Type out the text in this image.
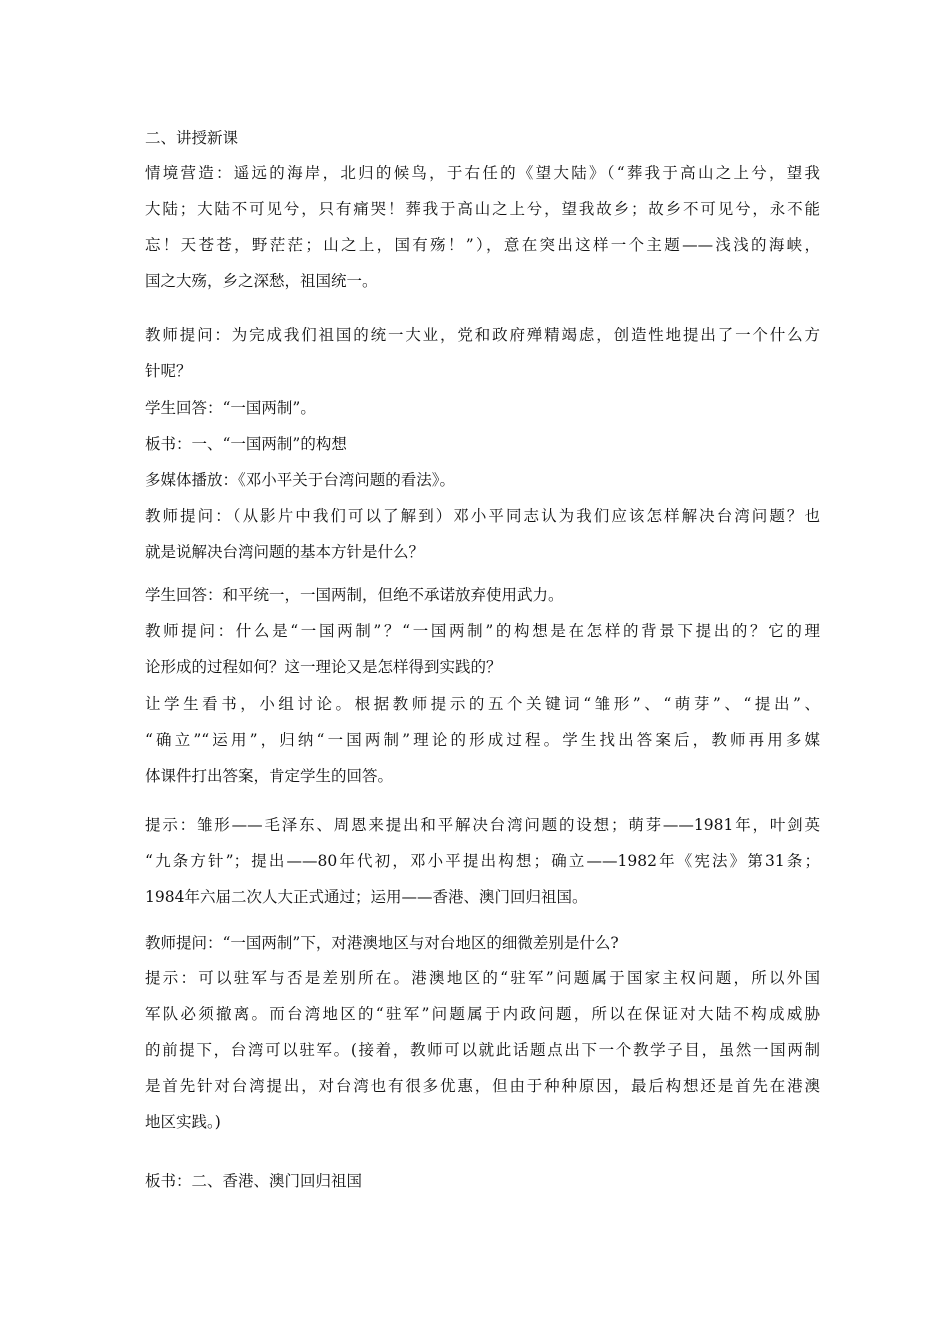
二、讲授新课
情境营造：遥远的海岸，北归的候鸟，于右任的《望大陆》（“葬我于高山之上兮，望我
大陆；大陆不可见兮，只有痛哭！葬我于高山之上兮，望我故乡；故乡不可见兮，永不能
忘！天苍苍，野茫茫；山之上，国有殇！”），意在突出这样一个主题——浅浅的海峡，
国之大殇，乡之深愁，祖国统一。
教师提问：为完成我们祖国的统一大业，党和政府殚精竭虑，创造性地提出了一个什么方
针呢？
学生回答：“一国两制”。
板书：一、“一国两制”的构想
多媒体播放：《邓小平关于台湾问题的看法》。
教师提问：（从影片中我们可以了解到）邓小平同志认为我们应该怎样解决台湾问题？也
就是说解决台湾问题的基本方针是什么？
学生回答：和平统一，一国两制，但绝不承诺放弃使用武力。
教师提问：什么是“一国两制”？“一国两制”的构想是在怎样的背景下提出的？它的理
论形成的过程如何？这一理论又是怎样得到实践的？
让学生看书，小组讨论。根据教师提示的五个关键词“雏形”、“萌芽”、“提出”、
“确立”“运用”，归纳“一国两制”理论的形成过程。学生找出答案后，教师再用多媒
体课件打出答案，肯定学生的回答。
提示：雏形——毛泽东、周恩来提出和平解决台湾问题的设想；萌芽——1981年，叶剑英
“九条方针”；提出——80年代初，邓小平提出构想；确立——1982年《宪法》第31条；
1984年六届二次人大正式通过；运用——香港、澳门回归祖国。
教师提问：“一国两制”下，对港澳地区与对台地区的细微差别是什么?
提示：可以驻军与否是差别所在。港澳地区的“驻军”问题属于国家主权问题，所以外国
军队必须撤离。而台湾地区的“驻军”问题属于内政问题，所以在保证对大陆不构成威胁
的前提下，台湾可以驻军。(接着，教师可以就此话题点出下一个教学子目，虽然一国两制
是首先针对台湾提出，对台湾也有很多优惠，但由于种种原因，最后构想还是首先在港澳
地区实践。)
板书：二、香港、澳门回归祖国
